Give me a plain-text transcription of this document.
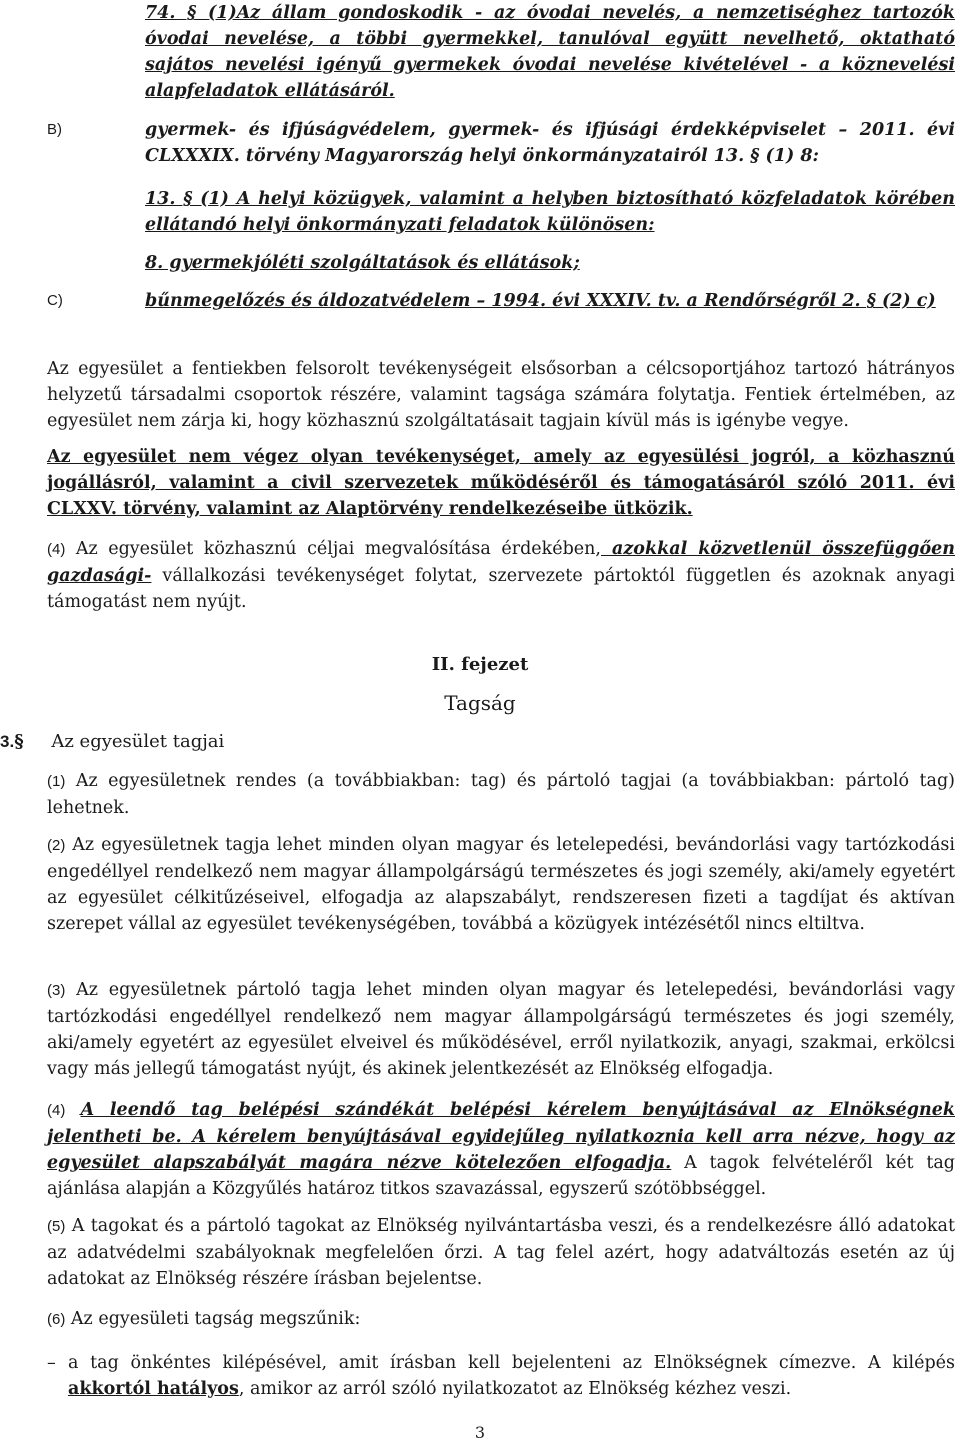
74. § (1)Az állam gondoskodik - az óvodai nevelés, a nemzetiséghez tartozók óvodai nevelése, a többi gyermekkel, tanulóval együtt nevelhető, oktatható sajátos nevelési igényű gyermekek óvodai nevelése kivételével - a köznevelési alapfeladatok ellátásáról.

B)	gyermek- és ifjúságvédelem, gyermek- és ifjúsági érdekképviselet – 2011. évi CLXXXIX. törvény Magyarország helyi önkormányzatairól 13. § (1) 8:

13. § (1) A helyi közügyek, valamint a helyben biztosítható közfeladatok körében ellátandó helyi önkormányzati feladatok különösen:

8. gyermekjóléti szolgáltatások és ellátások;

C)	bűnmegelőzés és áldozatvédelem – 1994. évi XXXIV. tv. a Rendőrségről 2. § (2) c)

Az egyesület a fentiekben felsorolt tevékenységeit elsősorban a célcsoportjához tartozó hátrányos helyzetű társadalmi csoportok részére, valamint tagsága számára folytatja. Fentiek értelmében, az egyesület nem zárja ki, hogy közhasznú szolgáltatásait tagjain kívül más is igénybe vegye.

Az egyesület nem végez olyan tevékenységet, amely az egyesülési jogról, a közhasznú jogállásról, valamint a civil szervezetek működéséről és támogatásáról szóló 2011. évi CLXXV. törvény, valamint az Alaptörvény rendelkezéseibe ütközik.

(4) Az egyesület közhasznú céljai megvalósítása érdekében, azokkal közvetlenül összefüggően gazdasági- vállalkozási tevékenységet folytat, szervezete pártoktól független és azoknak anyagi támogatást nem nyújt.

II. fejezet
Tagság
3.§ Az egyesület tagjai

(1) Az egyesületnek rendes (a továbbiakban: tag) és pártoló tagjai (a továbbiakban: pártoló tag) lehetnek.

(2) Az egyesületnek tagja lehet minden olyan magyar és letelepedési, bevándorlási vagy tartózkodási engedéllyel rendelkező nem magyar állampolgárságú természetes és jogi személy, aki/amely egyetért az egyesület célkitűzéseivel, elfogadja az alapszabályt, rendszeresen fizeti a tagdíjat és aktívan szerepet vállal az egyesület tevékenységében, továbbá a közügyek intézésétől nincs eltiltva.

(3) Az egyesületnek pártoló tagja lehet minden olyan magyar és letelepedési, bevándorlási vagy tartózkodási engedéllyel rendelkező nem magyar állampolgárságú természetes és jogi személy, aki/amely egyetért az egyesület elveivel és működésével, erről nyilatkozik, anyagi, szakmai, erkölcsi vagy más jellegű támogatást nyújt, és akinek jelentkezését az Elnökség elfogadja.

(4) A leendő tag belépési szándékát belépési kérelem benyújtásával az Elnökségnek jelentheti be. A kérelem benyújtásával egyidejűleg nyilatkoznia kell arra nézve, hogy az egyesület alapszabályát magára nézve kötelezően elfogadja. A tagok felvételéről két tag ajánlása alapján a Közgyűlés határoz titkos szavazással, egyszerű szótöbbséggel.

(5) A tagokat és a pártoló tagokat az Elnökség nyilvántartásba veszi, és a rendelkezésre álló adatokat az adatvédelmi szabályoknak megfelelően őrzi. A tag felel azért, hogy adatváltozás esetén az új adatokat az Elnökség részére írásban bejelentse.

(6) Az egyesületi tagság megszűnik:

– a tag önkéntes kilépésével, amit írásban kell bejelenteni az Elnökségnek címezve. A kilépés akkortól hatályos, amikor az arról szóló nyilatkozatot az Elnökség kézhez veszi.

3
